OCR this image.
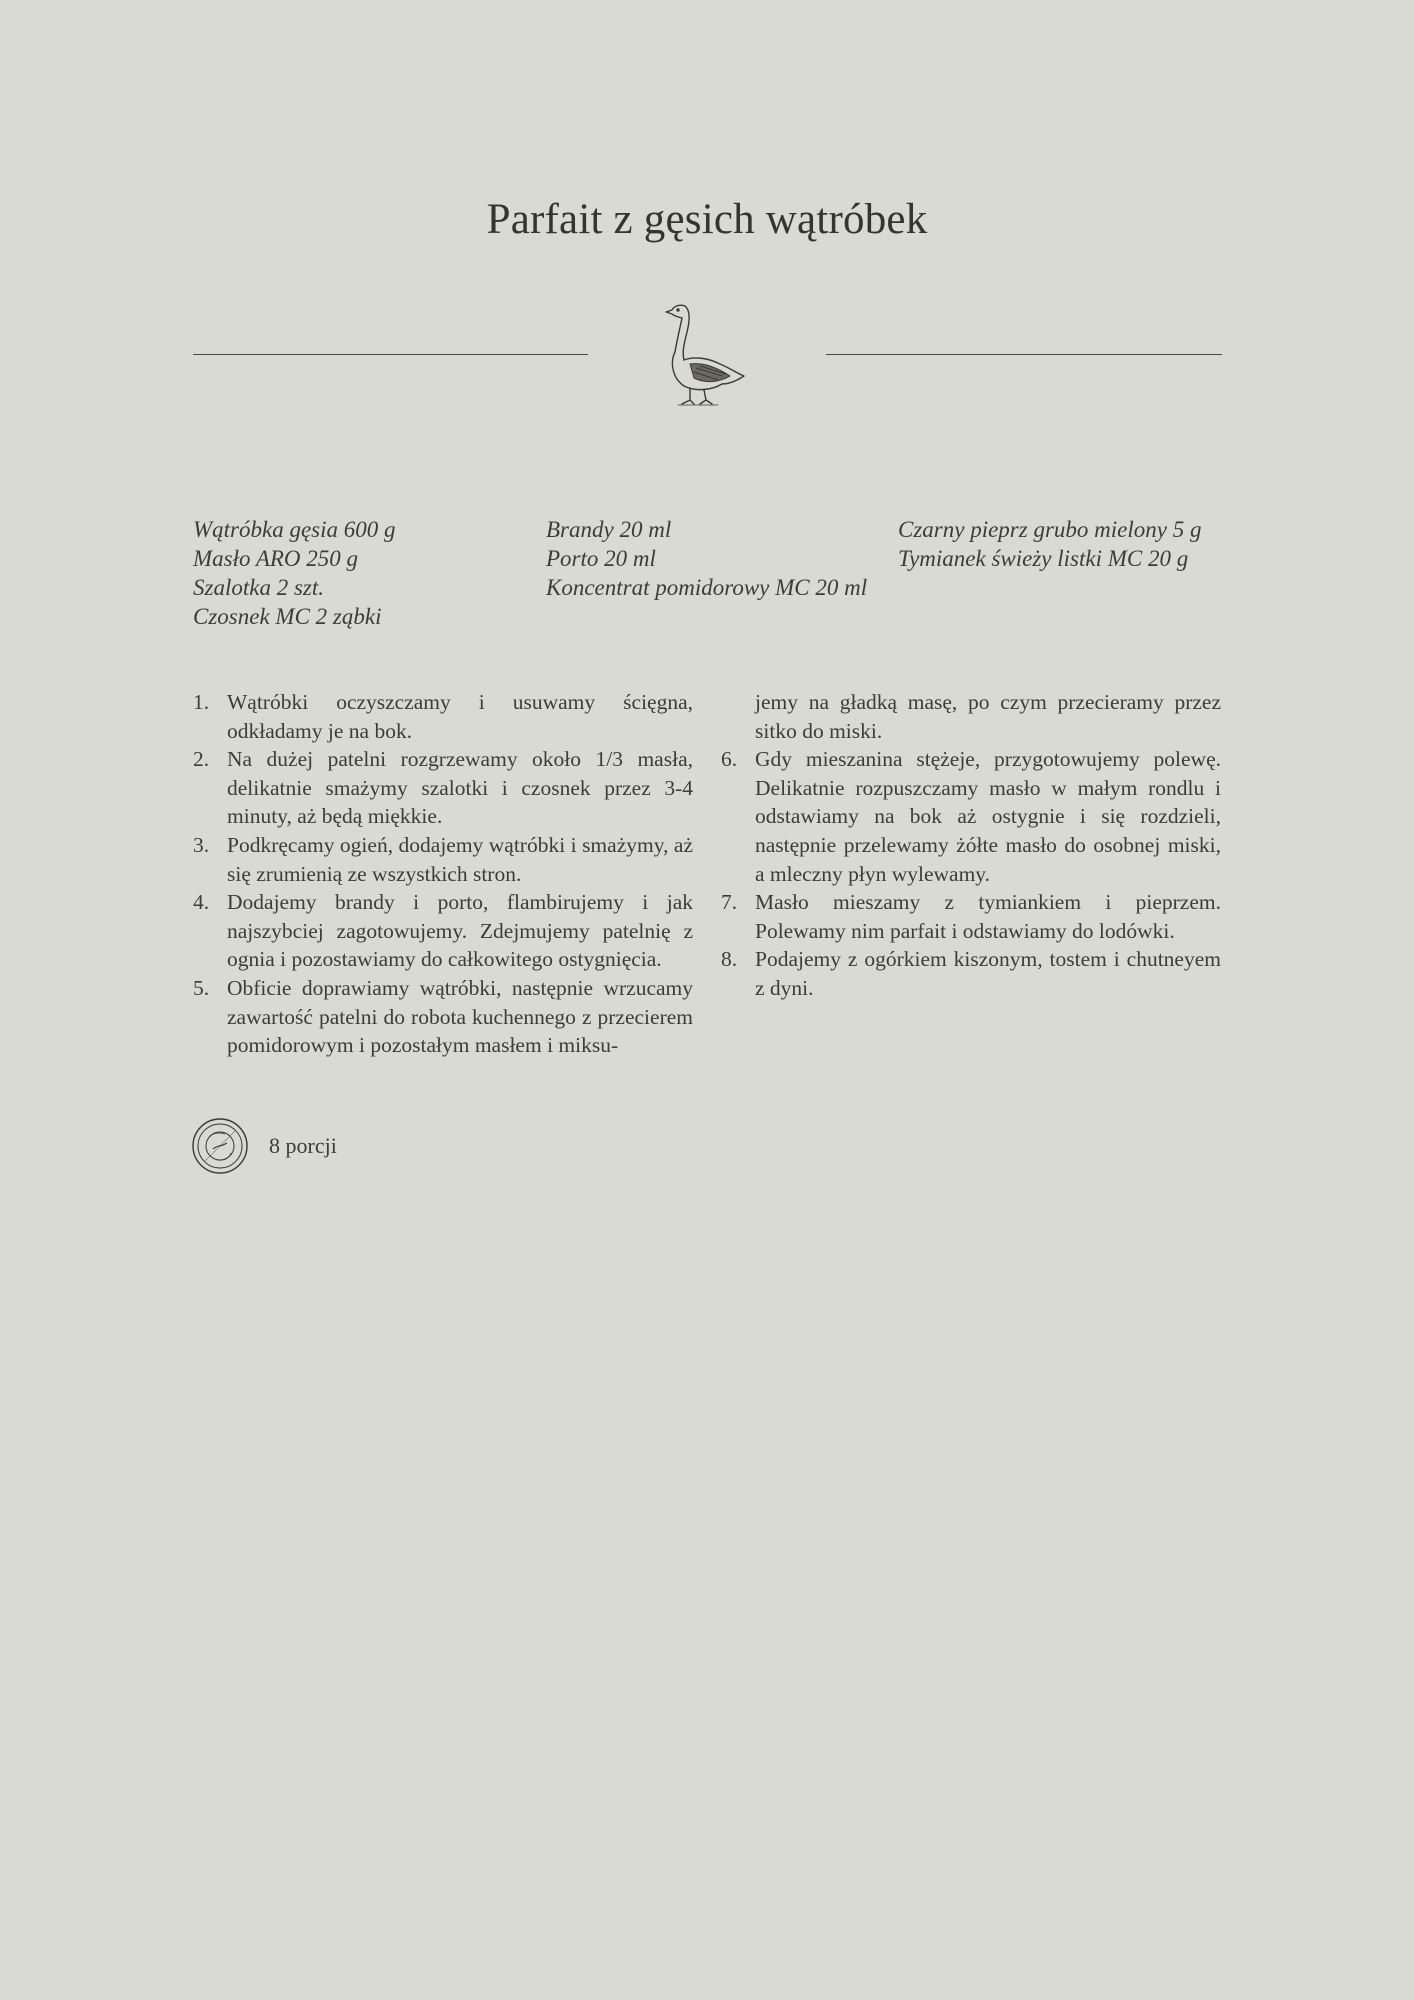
Parfait z gęsich wątróbek
Wątróbka gęsia 600 g
Masło ARO 250 g
Szalotka 2 szt.
Czosnek MC 2 ząbki
Brandy 20 ml
Porto 20 ml
Koncentrat pomidorowy MC 20 ml
Czarny pieprz grubo mielony 5 g
Tymianek świeży listki MC 20 g
1. Wątróbki oczyszczamy i usuwamy ścięgna, odkładamy je na bok.
2. Na dużej patelni rozgrzewamy około 1/3 masła, delikatnie smażymy szalotki i czosnek przez 3-4 minuty, aż będą miękkie.
3. Podkręcamy ogień, dodajemy wątróbki i smażymy, aż się zrumienią ze wszystkich stron.
4. Dodajemy brandy i porto, flambirujemy i jak najszybciej zagotowujemy. Zdejmujemy patelnię z ognia i pozostawiamy do całkowitego ostygnięcia.
5. Obficie doprawiamy wątróbki, następnie wrzucamy zawartość patelni do robota kuchennego z przecierem pomidorowym i pozostałym masłem i miksu-
jemy na gładką masę, po czym przecieramy przez sitko do miski.
6. Gdy mieszanina stężeje, przygotowujemy polewę. Delikatnie rozpuszczamy masło w małym rondlu i odstawiamy na bok aż ostygnie i się rozdzieli, następnie przelewamy żółte masło do osobnej miski, a mleczny płyn wylewamy.
7. Masło mieszamy z tymiankiem i pieprzem. Polewamy nim parfait i odstawiamy do lodówki.
8. Podajemy z ogórkiem kiszonym, tostem i chutneyem z dyni.
8 porcji
